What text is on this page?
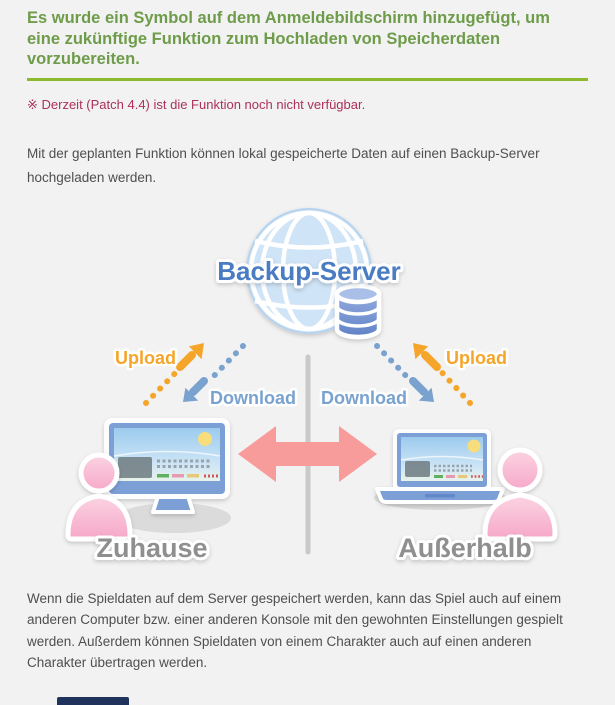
Es wurde ein Symbol auf dem Anmeldebildschirm hinzugefügt, um eine zukünftige Funktion zum Hochladen von Speicherdaten vorzubereiten.

※ Derzeit (Patch 4.4) ist die Funktion noch nicht verfügbar.

Mit der geplanten Funktion können lokal gespeicherte Daten auf einen Backup-Server hochgeladen werden.

Backup-Server
Upload
Download Download
Upload
Zuhause	Außerhalb

Wenn die Spieldaten auf dem Server gespeichert werden, kann das Spiel auch auf einem anderen Computer bzw. einer anderen Konsole mit den gewohnten Einstellungen gespielt werden. Außerdem können Spieldaten von einem Charakter auch auf einen anderen Charakter übertragen werden.
